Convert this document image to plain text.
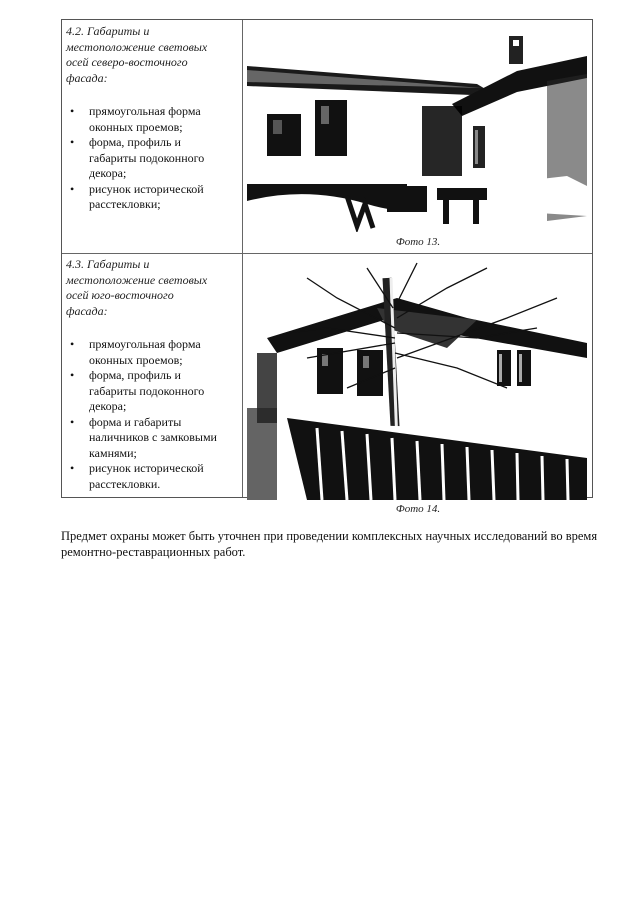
4.2. Габариты и
местоположение световых
осей северо-восточного
фасада:

• прямоугольная форма
оконных проемов;
• форма, профиль и
габариты подоконного
декора;
• рисунок исторической
расстекловки;
Фото 13.

4.3. Габариты и
местоположение световых
осей юго-восточного
фасада:

• прямоугольная форма
оконных проемов;
• форма, профиль и
габариты подоконного
декора;
• форма и габариты
наличников с замковыми
камнями;
• рисунок исторической
расстекловки.
Фото 14.
Предмет охраны может быть уточнен при проведении комплексных научных исследований во время ремонтно-реставрационных работ.
